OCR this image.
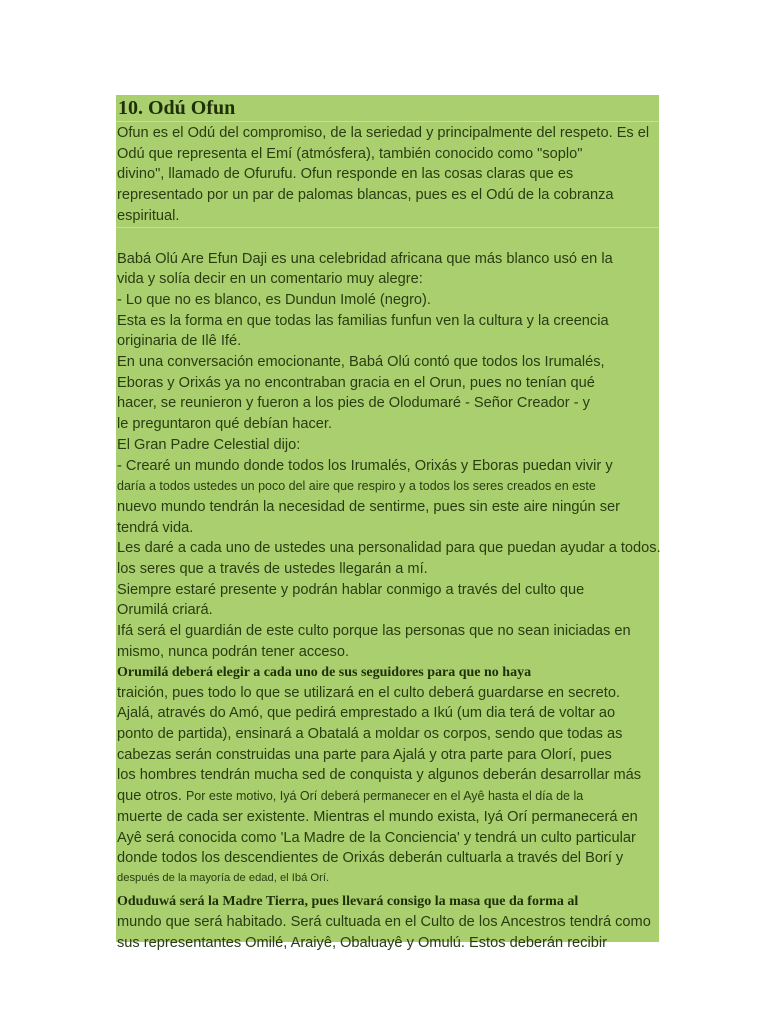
10. Odú Ofun
Ofun es el Odú del compromiso, de la seriedad y principalmente del respeto. Es el
Odú que representa el Emí (atmósfera), también conocido como "soplo"
divino", llamado de Ofurufu. Ofun responde en las cosas claras que es
representado por un par de palomas blancas, pues es el Odú de la cobranza
espiritual.
Babá Olú Are Efun Daji es una celebridad africana que más blanco usó en la
vida y solía decir en un comentario muy alegre:
- Lo que no es blanco, es Dundun Imolé (negro).
Esta es la forma en que todas las familias funfun ven la cultura y la creencia
originaria de Ilê Ifé.
En una conversación emocionante, Babá Olú contó que todos los Irumalés,
Eboras y Orixás ya no encontraban gracia en el Orun, pues no tenían qué
hacer, se reunieron y fueron a los pies de Olodumaré - Señor Creador - y
le preguntaron qué debían hacer.
El Gran Padre Celestial dijo:
- Crearé un mundo donde todos los Irumalés, Orixás y Eboras puedan vivir y
daría a todos ustedes un poco del aire que respiro y a todos los seres creados en este
nuevo mundo tendrán la necesidad de sentirme, pues sin este aire ningún ser
tendrá vida.
Les daré a cada uno de ustedes una personalidad para que puedan ayudar a todos.
los seres que a través de ustedes llegarán a mí.
Siempre estaré presente y podrán hablar conmigo a través del culto que
Orumilá criará.
Ifá será el guardián de este culto porque las personas que no sean iniciadas en
mismo, nunca podrán tener acceso.
Orumilá deberá elegir a cada uno de sus seguidores para que no haya
traición, pues todo lo que se utilizará en el culto deberá guardarse en secreto.
Ajalá, através do Amó, que pedirá emprestado a Ikú (um dia terá de voltar ao
ponto de partida), ensinará a Obatalá a moldar os corpos, sendo que todas as
cabezas serán construidas una parte para Ajalá y otra parte para Olorí, pues
los hombres tendrán mucha sed de conquista y algunos deberán desarrollar más
que otros. Por este motivo, Iyá Orí deberá permanecer en el Ayê hasta el día de la
muerte de cada ser existente. Mientras el mundo exista, Iyá Orí permanecerá en
Ayê será conocida como 'La Madre de la Conciencia' y tendrá un culto particular
donde todos los descendientes de Orixás deberán cultuarla a través del Borí y
después de la mayoría de edad, el Ibá Orí.
Oduduwá será la Madre Tierra, pues llevará consigo la masa que da forma al
mundo que será habitado. Será cultuada en el Culto de los Ancestros tendrá como
sus representantes Omilé, Araiyê, Obaluayê y Omulú. Estos deberán recibir
